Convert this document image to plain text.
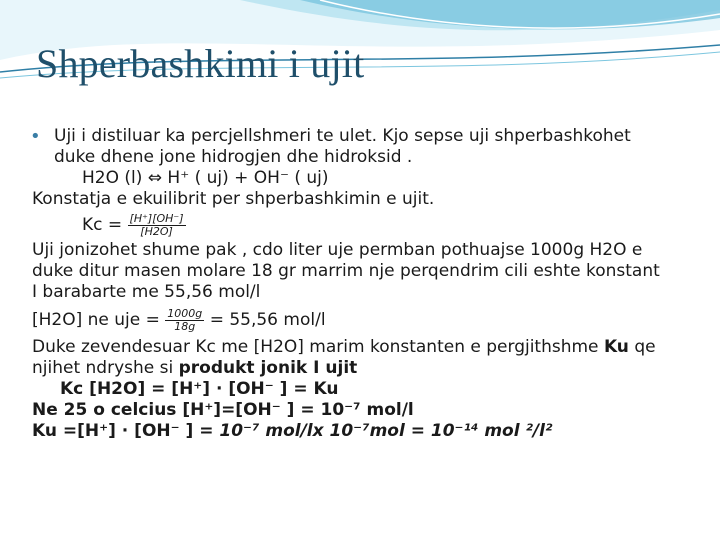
Shperbashkimi i ujit
• Uji i distiluar ka percjellshmeri te ulet. Kjo sepse uji shperbashkohet
duke dhene jone hidrogjen dhe hidroksid .
H2O (l) ⇔ H⁺ ( uj) + OH⁻ ( uj)
Konstatja e ekuilibrit per shperbashkimin e ujit.
$Kc = \frac{[H^+][OH^-]}{[H2O]}$
Uji jonizohet shume pak , cdo liter uje permban pothuajse 1000g H2O e
duke ditur masen molare 18 gr marrim nje perqendrim cili eshte konstant
I barabarte me 55,56 mol/l
[H2O] ne uje = $\frac{1000g}{18g} = 55,56$ mol/l
Duke zevendesuar Kc me [H2O] marim konstanten e pergjithshme Ku qe
njihet ndryshe si produkt jonik I ujit
Kc [H2O] = [H⁺] · [OH⁻ ] = Ku
Ne 25 o celcius [H⁺]=[OH⁻ ] = 10⁻⁷ mol/l
Ku =[H⁺] · [OH⁻ ] = 10⁻⁷ mol/lx 10⁻⁷mol = 10⁻¹⁴ mol ²/l²
